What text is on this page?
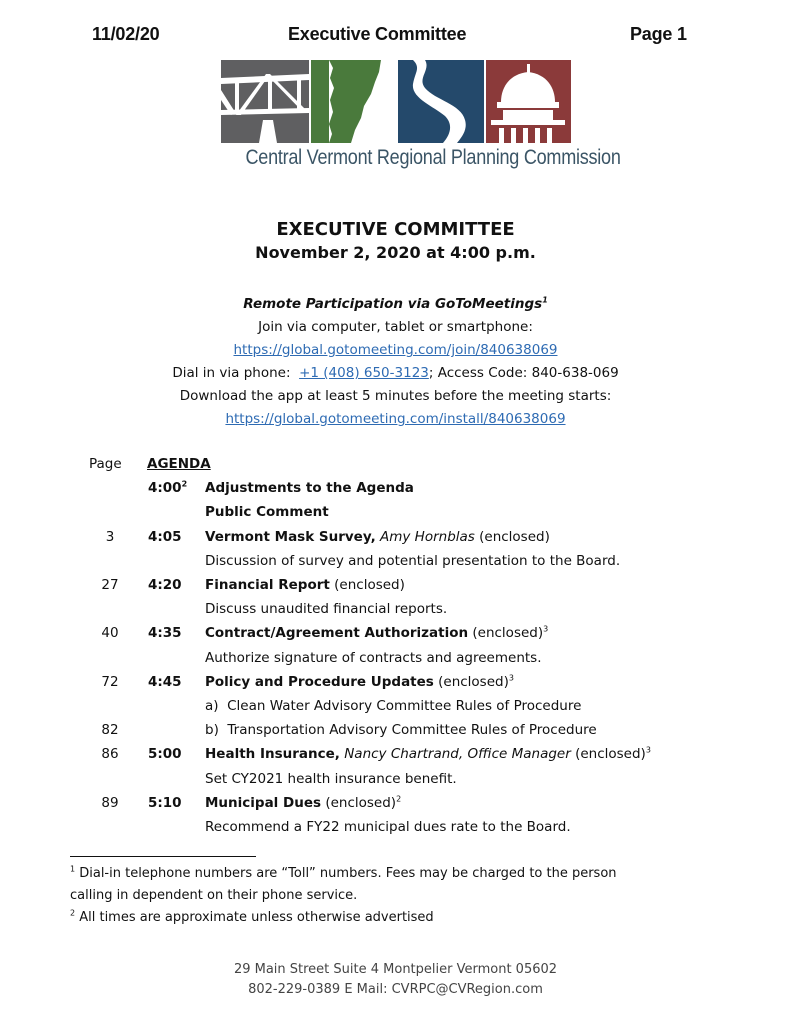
11/02/20	Executive Committee	Page 1
Central Vermont Regional Planning Commission
EXECUTIVE COMMITTEE
November 2, 2020 at 4:00 p.m.
Remote Participation via GoToMeetings$^1$
Join via computer, tablet or smartphone:
https://global.gotomeeting.com/join/840638069
Dial in via phone: +1 (408) 650-3123; Access Code: 840-638-069
Download the app at least 5 minutes before the meeting starts:
https://global.gotomeeting.com/install/840638069
Page	AGENDA
$4:00^2$ Adjustments to the Agenda
Public Comment
3	4:05 Vermont Mask Survey, Amy Hornblas (enclosed)
Discussion of survey and potential presentation to the Board.
27	4:20 Financial Report (enclosed)
Discuss unaudited financial reports.
40	4:35 Contract/Agreement Authorization (enclosed)$^3$
Authorize signature of contracts and agreements.
72	4:45 Policy and Procedure Updates (enclosed)$^3$
a)  Clean Water Advisory Committee Rules of Procedure
82	b)  Transportation Advisory Committee Rules of Procedure
86	5:00 Health Insurance, Nancy Chartrand, Office Manager (enclosed)$^3$
Set CY2021 health insurance benefit.
89	5:10 Municipal Dues (enclosed)$^2$
Recommend a FY22 municipal dues rate to the Board.
$^1$ Dial-in telephone numbers are “Toll” numbers. Fees may be charged to the person
calling in dependent on their phone service.
$^2$ All times are approximate unless otherwise advertised
29 Main Street Suite 4 Montpelier Vermont 05602
802-229-0389 E Mail: CVRPC@CVRegion.com
